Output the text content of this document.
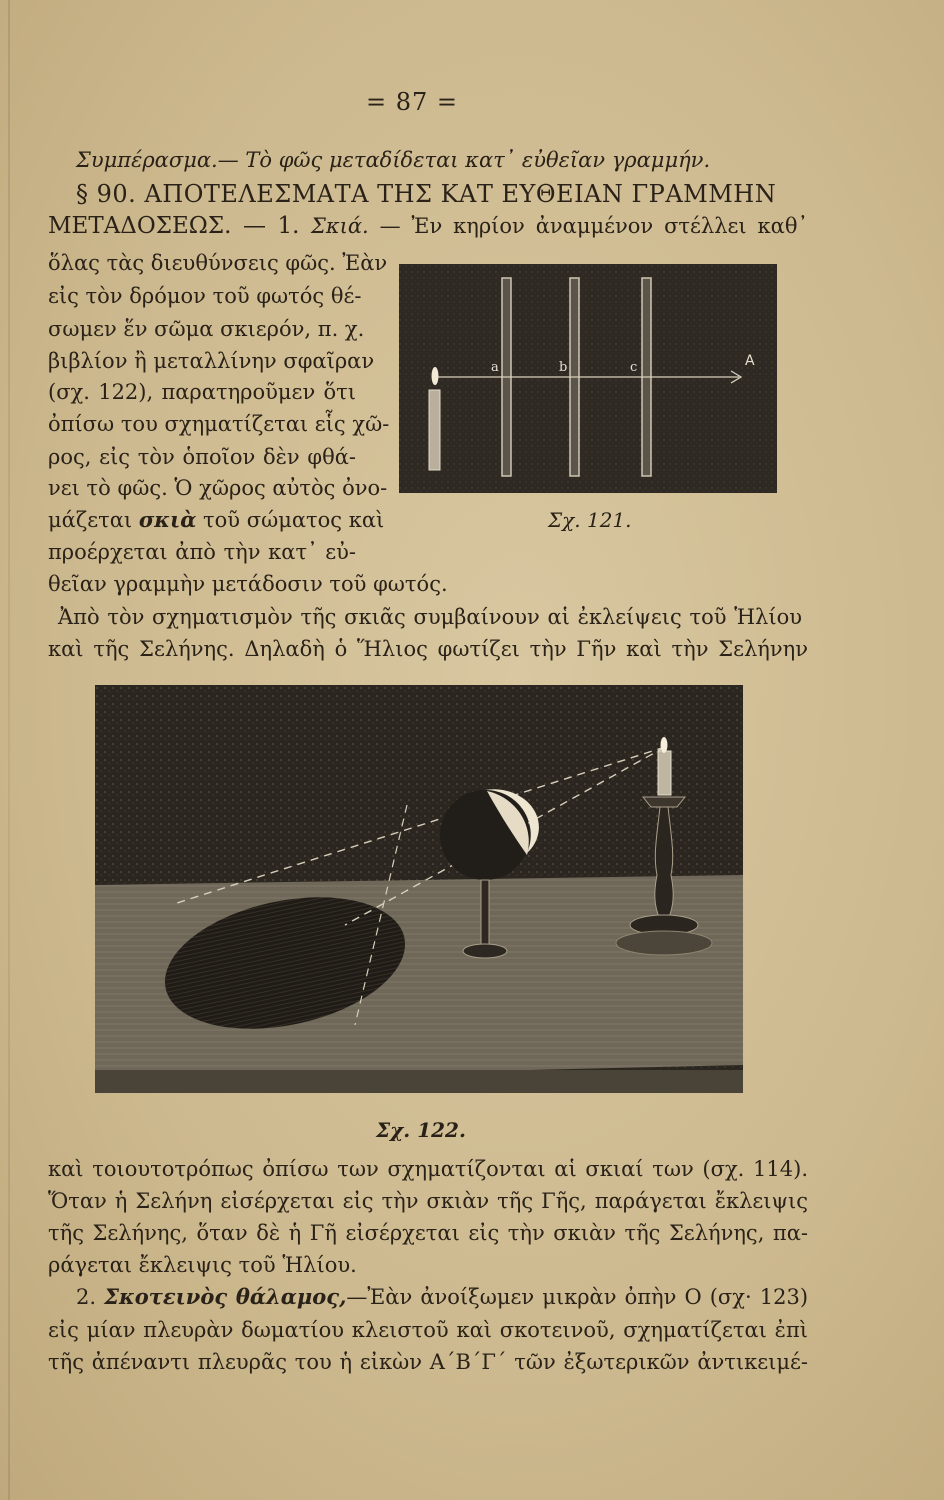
= 87 =
Συμπέρασμα.— Τὸ φῶς μεταδίδεται κατ᾿ εὐθεῖαν γραμμήν.
§ 90. ΑΠΟΤΕΛΕΣΜΑΤΑ ΤΗΣ ΚΑΤ ΕΥΘΕΙΑΝ ΓΡΑΜΜΗΝ
ΜΕΤΑΔΟΣΕΩΣ. — 1. Σκιά. — Ἐν κηρίον ἀναμμένον στέλλει καθ᾿
ὅλας τὰς διευθύνσεις φῶς. Ἐὰν
εἰς τὸν δρόμον τοῦ φωτός θέ-
σωμεν ἕν σῶμα σκιερόν, π. χ.
βιβλίον ἢ μεταλλίνην σφαῖραν
(σχ. 122), παρατηροῦμεν ὅτι
ὀπίσω του σχηματίζεται εἷς χῶ-
ρος, εἰς τὸν ὁποῖον δὲν φθά-
νει τὸ φῶς. Ὁ χῶρος αὐτὸς ὀνο-
μάζεται σκιὰ τοῦ σώματος καὶ
προέρχεται ἀπὸ τὴν κατ᾿ εὐ-
θεῖαν γραμμὴν μετάδοσιν τοῦ φωτός.
a	b	c	A
Σχ. 121.
Ἀπὸ τὸν σχηματισμὸν τῆς σκιᾶς συμβαίνουν αἱ ἐκλείψεις τοῦ Ἡλίου
καὶ τῆς Σελήνης. Δηλαδὴ ὁ Ἥλιος φωτίζει τὴν Γῆν καὶ τὴν Σελήνην
Σχ. 122.
καὶ τοιουτοτρόπως ὀπίσω των σχηματίζονται αἱ σκιαί των (σχ. 114).
Ὅταν ἡ Σελήνη εἰσέρχεται εἰς τὴν σκιὰν τῆς Γῆς, παράγεται ἔκλειψις
τῆς Σελήνης, ὅταν δὲ ἡ Γῆ εἰσέρχεται εἰς τὴν σκιὰν τῆς Σελήνης, πα-
ράγεται ἔκλειψις τοῦ Ἡλίου.
2. Σκοτεινὸς θάλαμος,—Ἐὰν ἀνοίξωμεν μικρὰν ὀπὴν Ο (σχ· 123)
εἰς μίαν πλευρὰν δωματίου κλειστοῦ καὶ σκοτεινοῦ, σχηματίζεται ἐπὶ
τῆς ἀπέναντι πλευρᾶς του ἡ εἰκὼν Α΄Β΄Γ΄ τῶν ἐξωτερικῶν ἀντικειμέ-
